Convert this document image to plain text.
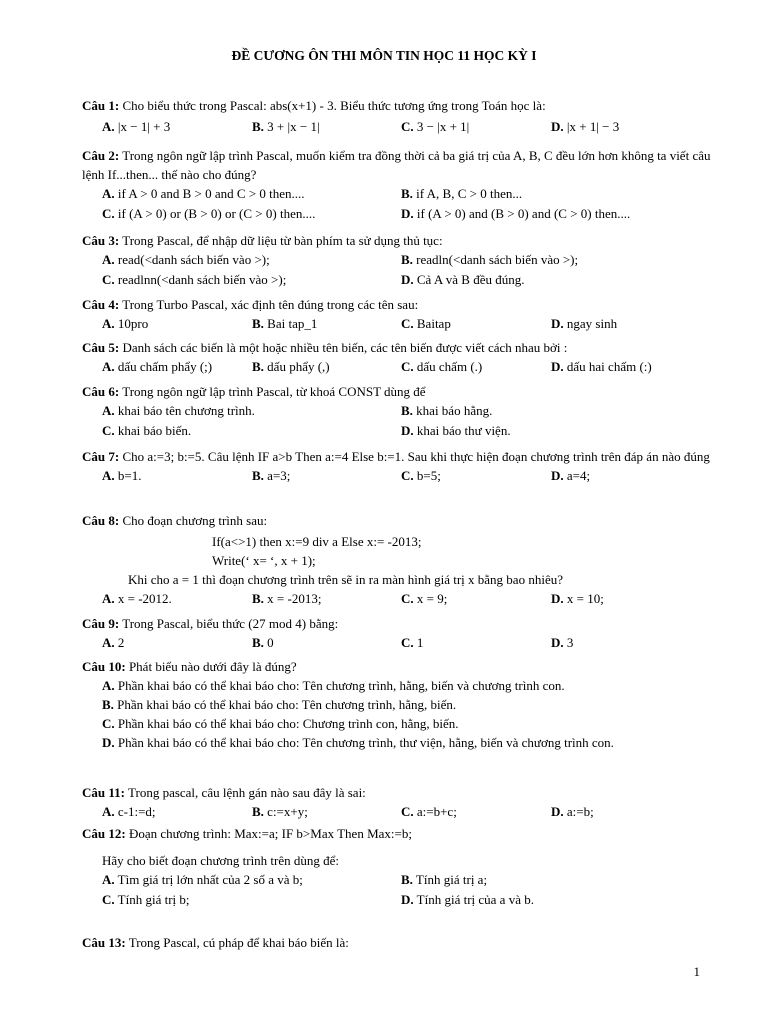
ĐỀ CƯƠNG ÔN THI MÔN TIN HỌC 11 HỌC KỲ I
Câu 1: Cho biểu thức trong Pascal: abs(x+1) - 3. Biểu thức tương ứng trong Toán học là:
A. |x − 1| + 3	B. 3 + |x − 1|	C. 3 − |x + 1|	D. |x + 1| − 3
Câu 2: Trong ngôn ngữ lập trình Pascal, muốn kiểm tra đồng thời cả ba giá trị của A, B, C đều lớn hơn không ta viết câu lệnh If...then... thế nào cho đúng?
A. if A > 0 and B > 0 and C > 0 then....	B. if A, B, C > 0 then...
C. if (A > 0) or (B > 0) or (C > 0) then....	D. if (A > 0) and (B > 0) and (C > 0) then....
Câu 3: Trong Pascal, để nhập dữ liệu từ bàn phím ta sử dụng thủ tục:
A. read(<danh sách biến vào >);	B. readln(<danh sách biến vào >);
C. readlnn(<danh sách biến vào >);	D. Cả A và B đều đúng.
Câu 4: Trong Turbo Pascal, xác định tên đúng trong các tên sau:
A. 10pro	B. Bai tap_1	C. Baitap	D. ngay sinh
Câu 5: Danh sách các biến là một hoặc nhiều tên biến, các tên biến được viết cách nhau bởi :
A. dấu chấm phẩy (;)	B. dấu phẩy (,)	C. dấu chấm (.)	D. dấu hai chấm (:)
Câu 6: Trong ngôn ngữ lập trình Pascal, từ khoá CONST dùng để
A. khai báo tên chương trình.	B. khai báo hằng.
C. khai báo biến.	D. khai báo thư viện.
Câu 7: Cho a:=3; b:=5. Câu lệnh IF a>b Then a:=4 Else b:=1. Sau khi thực hiện đoạn chương trình trên đáp án nào đúng
A. b=1.	B. a=3;	C. b=5;	D. a=4;
Câu 8: Cho đoạn chương trình sau:
If(a<>1) then x:=9 div a Else x:= -2013;
Write(‘ x= ‘, x + 1);
Khi cho a = 1 thì đoạn chương trình trên sẽ in ra màn hình giá trị x bằng bao nhiêu?
A. x = -2012.	B. x = -2013;	C. x = 9;	D. x = 10;
Câu 9: Trong Pascal, biểu thức (27 mod 4) bằng:
A. 2	B. 0	C. 1	D. 3
Câu 10: Phát biểu nào dưới đây là đúng?
A. Phần khai báo có thể khai báo cho: Tên chương trình, hằng, biến và chương trình con.
B. Phần khai báo có thể khai báo cho: Tên chương trình, hằng, biến.
C. Phần khai báo có thể khai báo cho: Chương trình con, hằng, biến.
D. Phần khai báo có thể khai báo cho: Tên chương trình, thư viện, hằng, biến và chương trình con.
Câu 11: Trong pascal, câu lệnh gán nào sau đây là sai:
A. c-1:=d;	B. c:=x+y;	C. a:=b+c;	D. a:=b;
Câu 12: Đoạn chương trình: Max:=a; IF b>Max Then Max:=b;
Hãy cho biết đoạn chương trình trên dùng để:
A. Tìm giá trị lớn nhất của 2 số a và b;	B. Tính giá trị a;
C. Tính giá trị b;	D. Tính giá trị của a và b.
Câu 13: Trong Pascal, cú pháp để khai báo biến là:
1
